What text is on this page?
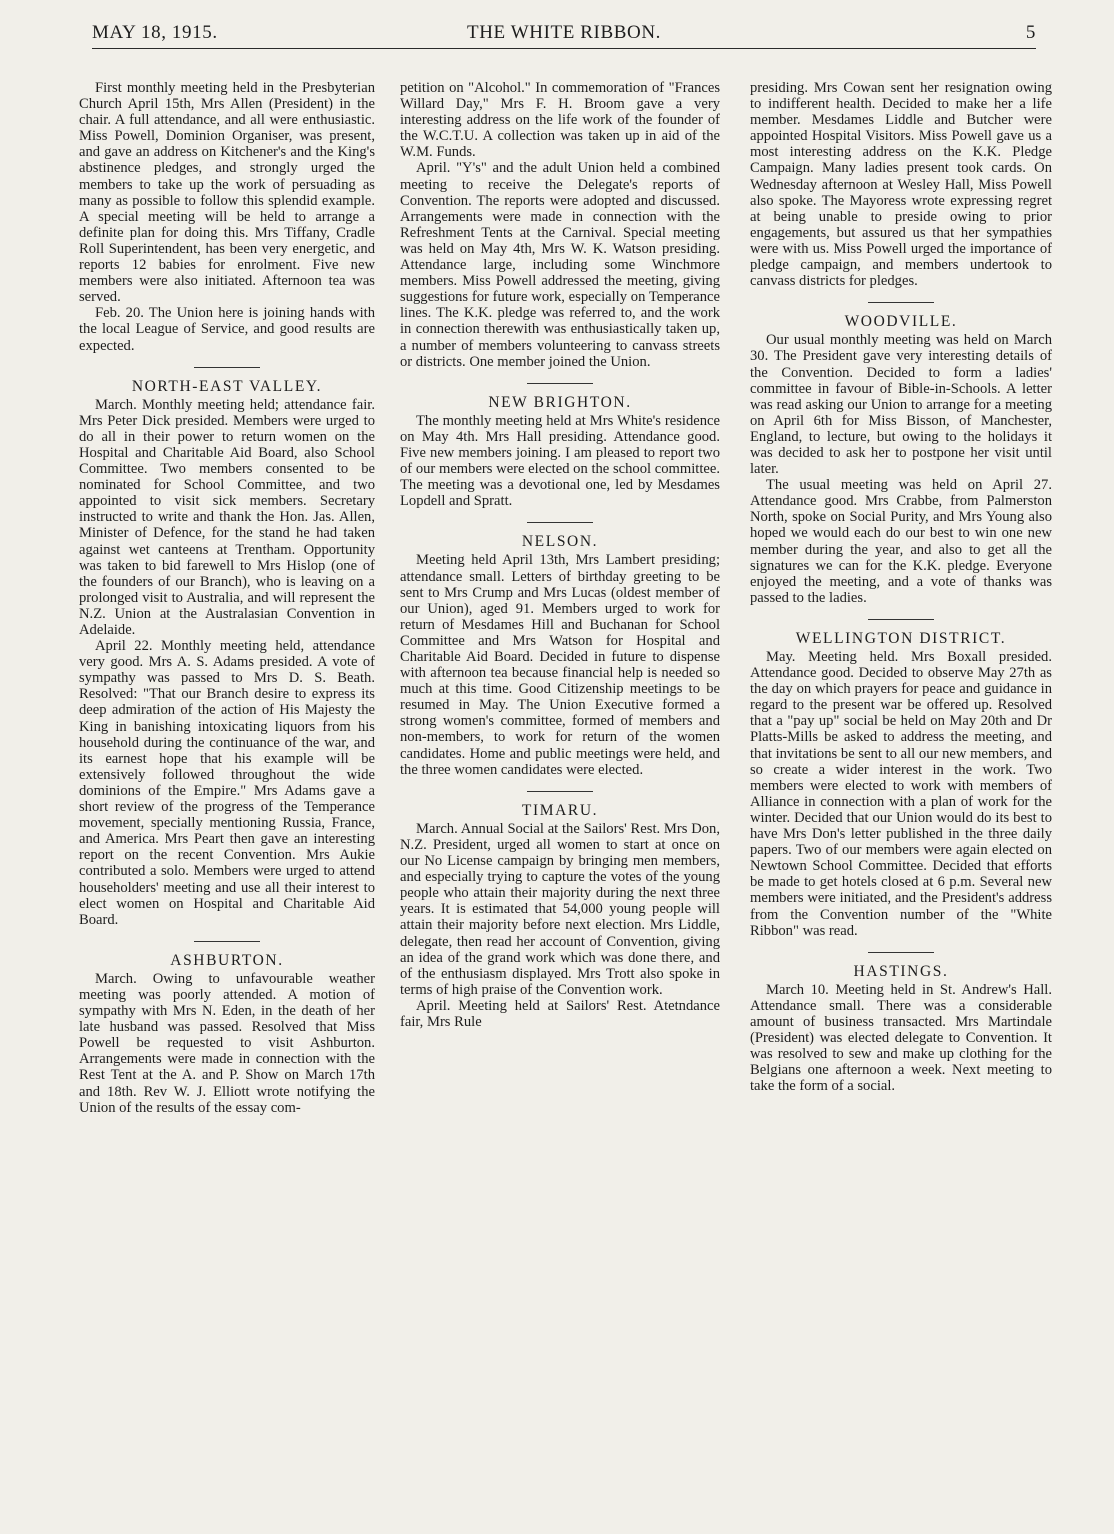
MAY 18, 1915.	THE WHITE RIBBON.	5

First monthly meeting held in the Presbyterian Church April 15th, Mrs Allen (President) in the chair. A full attendance, and all were enthusiastic. Miss Powell, Dominion Organiser, was present, and gave an address on Kitchener's and the King's abstinence pledges, and strongly urged the members to take up the work of persuading as many as possible to follow this splendid example. A special meeting will be held to arrange a definite plan for doing this. Mrs Tiffany, Cradle Roll Superintendent, has been very energetic, and reports 12 babies for enrolment. Five new members were also initiated. Afternoon tea was served.

Feb. 20. The Union here is joining hands with the local League of Service, and good results are expected.

NORTH-EAST VALLEY.

March. Monthly meeting held; attendance fair. Mrs Peter Dick presided. Members were urged to do all in their power to return women on the Hospital and Charitable Aid Board, also School Committee. Two members consented to be nominated for School Committee, and two appointed to visit sick members. Secretary instructed to write and thank the Hon. Jas. Allen, Minister of Defence, for the stand he had taken against wet canteens at Trentham. Opportunity was taken to bid farewell to Mrs Hislop (one of the founders of our Branch), who is leaving on a prolonged visit to Australia, and will represent the N.Z. Union at the Australasian Convention in Adelaide.

April 22. Monthly meeting held, attendance very good. Mrs A. S. Adams presided. A vote of sympathy was passed to Mrs D. S. Beath. Resolved: "That our Branch desire to express its deep admiration of the action of His Majesty the King in banishing intoxicating liquors from his household during the continuance of the war, and its earnest hope that his example will be extensively followed throughout the wide dominions of the Empire." Mrs Adams gave a short review of the progress of the Temperance movement, specially mentioning Russia, France, and America. Mrs Peart then gave an interesting report on the recent Convention. Mrs Aukie contributed a solo. Members were urged to attend householders' meeting and use all their interest to elect women on Hospital and Charitable Aid Board.

ASHBURTON.

March. Owing to unfavourable weather meeting was poorly attended. A motion of sympathy with Mrs N. Eden, in the death of her late husband was passed. Resolved that Miss Powell be requested to visit Ashburton. Arrangements were made in connection with the Rest Tent at the A. and P. Show on March 17th and 18th. Rev W. J. Elliott wrote notifying the Union of the results of the essay com-

petition on "Alcohol." In commemoration of "Frances Willard Day," Mrs F. H. Broom gave a very interesting address on the life work of the founder of the W.C.T.U. A collection was taken up in aid of the W.M. Funds.

April. "Y's" and the adult Union held a combined meeting to receive the Delegate's reports of Convention. The reports were adopted and discussed. Arrangements were made in connection with the Refreshment Tents at the Carnival. Special meeting was held on May 4th, Mrs W. K. Watson presiding. Attendance large, including some Winchmore members. Miss Powell addressed the meeting, giving suggestions for future work, especially on Temperance lines. The K.K. pledge was referred to, and the work in connection therewith was enthusiastically taken up, a number of members volunteering to canvass streets or districts. One member joined the Union.

NEW BRIGHTON.

The monthly meeting held at Mrs White's residence on May 4th. Mrs Hall presiding. Attendance good. Five new members joining. I am pleased to report two of our members were elected on the school committee. The meeting was a devotional one, led by Mesdames Lopdell and Spratt.

NELSON.

Meeting held April 13th, Mrs Lambert presiding; attendance small. Letters of birthday greeting to be sent to Mrs Crump and Mrs Lucas (oldest member of our Union), aged 91. Members urged to work for return of Mesdames Hill and Buchanan for School Committee and Mrs Watson for Hospital and Charitable Aid Board. Decided in future to dispense with afternoon tea because financial help is needed so much at this time. Good Citizenship meetings to be resumed in May. The Union Executive formed a strong women's committee, formed of members and non-members, to work for return of the women candidates. Home and public meetings were held, and the three women candidates were elected.

TIMARU.

March. Annual Social at the Sailors' Rest. Mrs Don, N.Z. President, urged all women to start at once on our No License campaign by bringing men members, and especially trying to capture the votes of the young people who attain their majority during the next three years. It is estimated that 54,000 young people will attain their majority before next election. Mrs Liddle, delegate, then read her account of Convention, giving an idea of the grand work which was done there, and of the enthusiasm displayed. Mrs Trott also spoke in terms of high praise of the Convention work.

April. Meeting held at Sailors' Rest. Atetndance fair, Mrs Rule

presiding. Mrs Cowan sent her resignation owing to indifferent health. Decided to make her a life member. Mesdames Liddle and Butcher were appointed Hospital Visitors. Miss Powell gave us a most interesting address on the K.K. Pledge Campaign. Many ladies present took cards. On Wednesday afternoon at Wesley Hall, Miss Powell also spoke. The Mayoress wrote expressing regret at being unable to preside owing to prior engagements, but assured us that her sympathies were with us. Miss Powell urged the importance of pledge campaign, and members undertook to canvass districts for pledges.

WOODVILLE.

Our usual monthly meeting was held on March 30. The President gave very interesting details of the Convention. Decided to form a ladies' committee in favour of Bible-in-Schools. A letter was read asking our Union to arrange for a meeting on April 6th for Miss Bisson, of Manchester, England, to lecture, but owing to the holidays it was decided to ask her to postpone her visit until later.

The usual meeting was held on April 27. Attendance good. Mrs Crabbe, from Palmerston North, spoke on Social Purity, and Mrs Young also hoped we would each do our best to win one new member during the year, and also to get all the signatures we can for the K.K. pledge. Everyone enjoyed the meeting, and a vote of thanks was passed to the ladies.

WELLINGTON DISTRICT.

May. Meeting held. Mrs Boxall presided. Attendance good. Decided to observe May 27th as the day on which prayers for peace and guidance in regard to the present war be offered up. Resolved that a "pay up" social be held on May 20th and Dr Platts-Mills be asked to address the meeting, and that invitations be sent to all our new members, and so create a wider interest in the work. Two members were elected to work with members of Alliance in connection with a plan of work for the winter. Decided that our Union would do its best to have Mrs Don's letter published in the three daily papers. Two of our members were again elected on Newtown School Committee. Decided that efforts be made to get hotels closed at 6 p.m. Several new members were initiated, and the President's address from the Convention number of the "White Ribbon" was read.

HASTINGS.

March 10. Meeting held in St. Andrew's Hall. Attendance small. There was a considerable amount of business transacted. Mrs Martindale (President) was elected delegate to Convention. It was resolved to sew and make up clothing for the Belgians one afternoon a week. Next meeting to take the form of a social.
